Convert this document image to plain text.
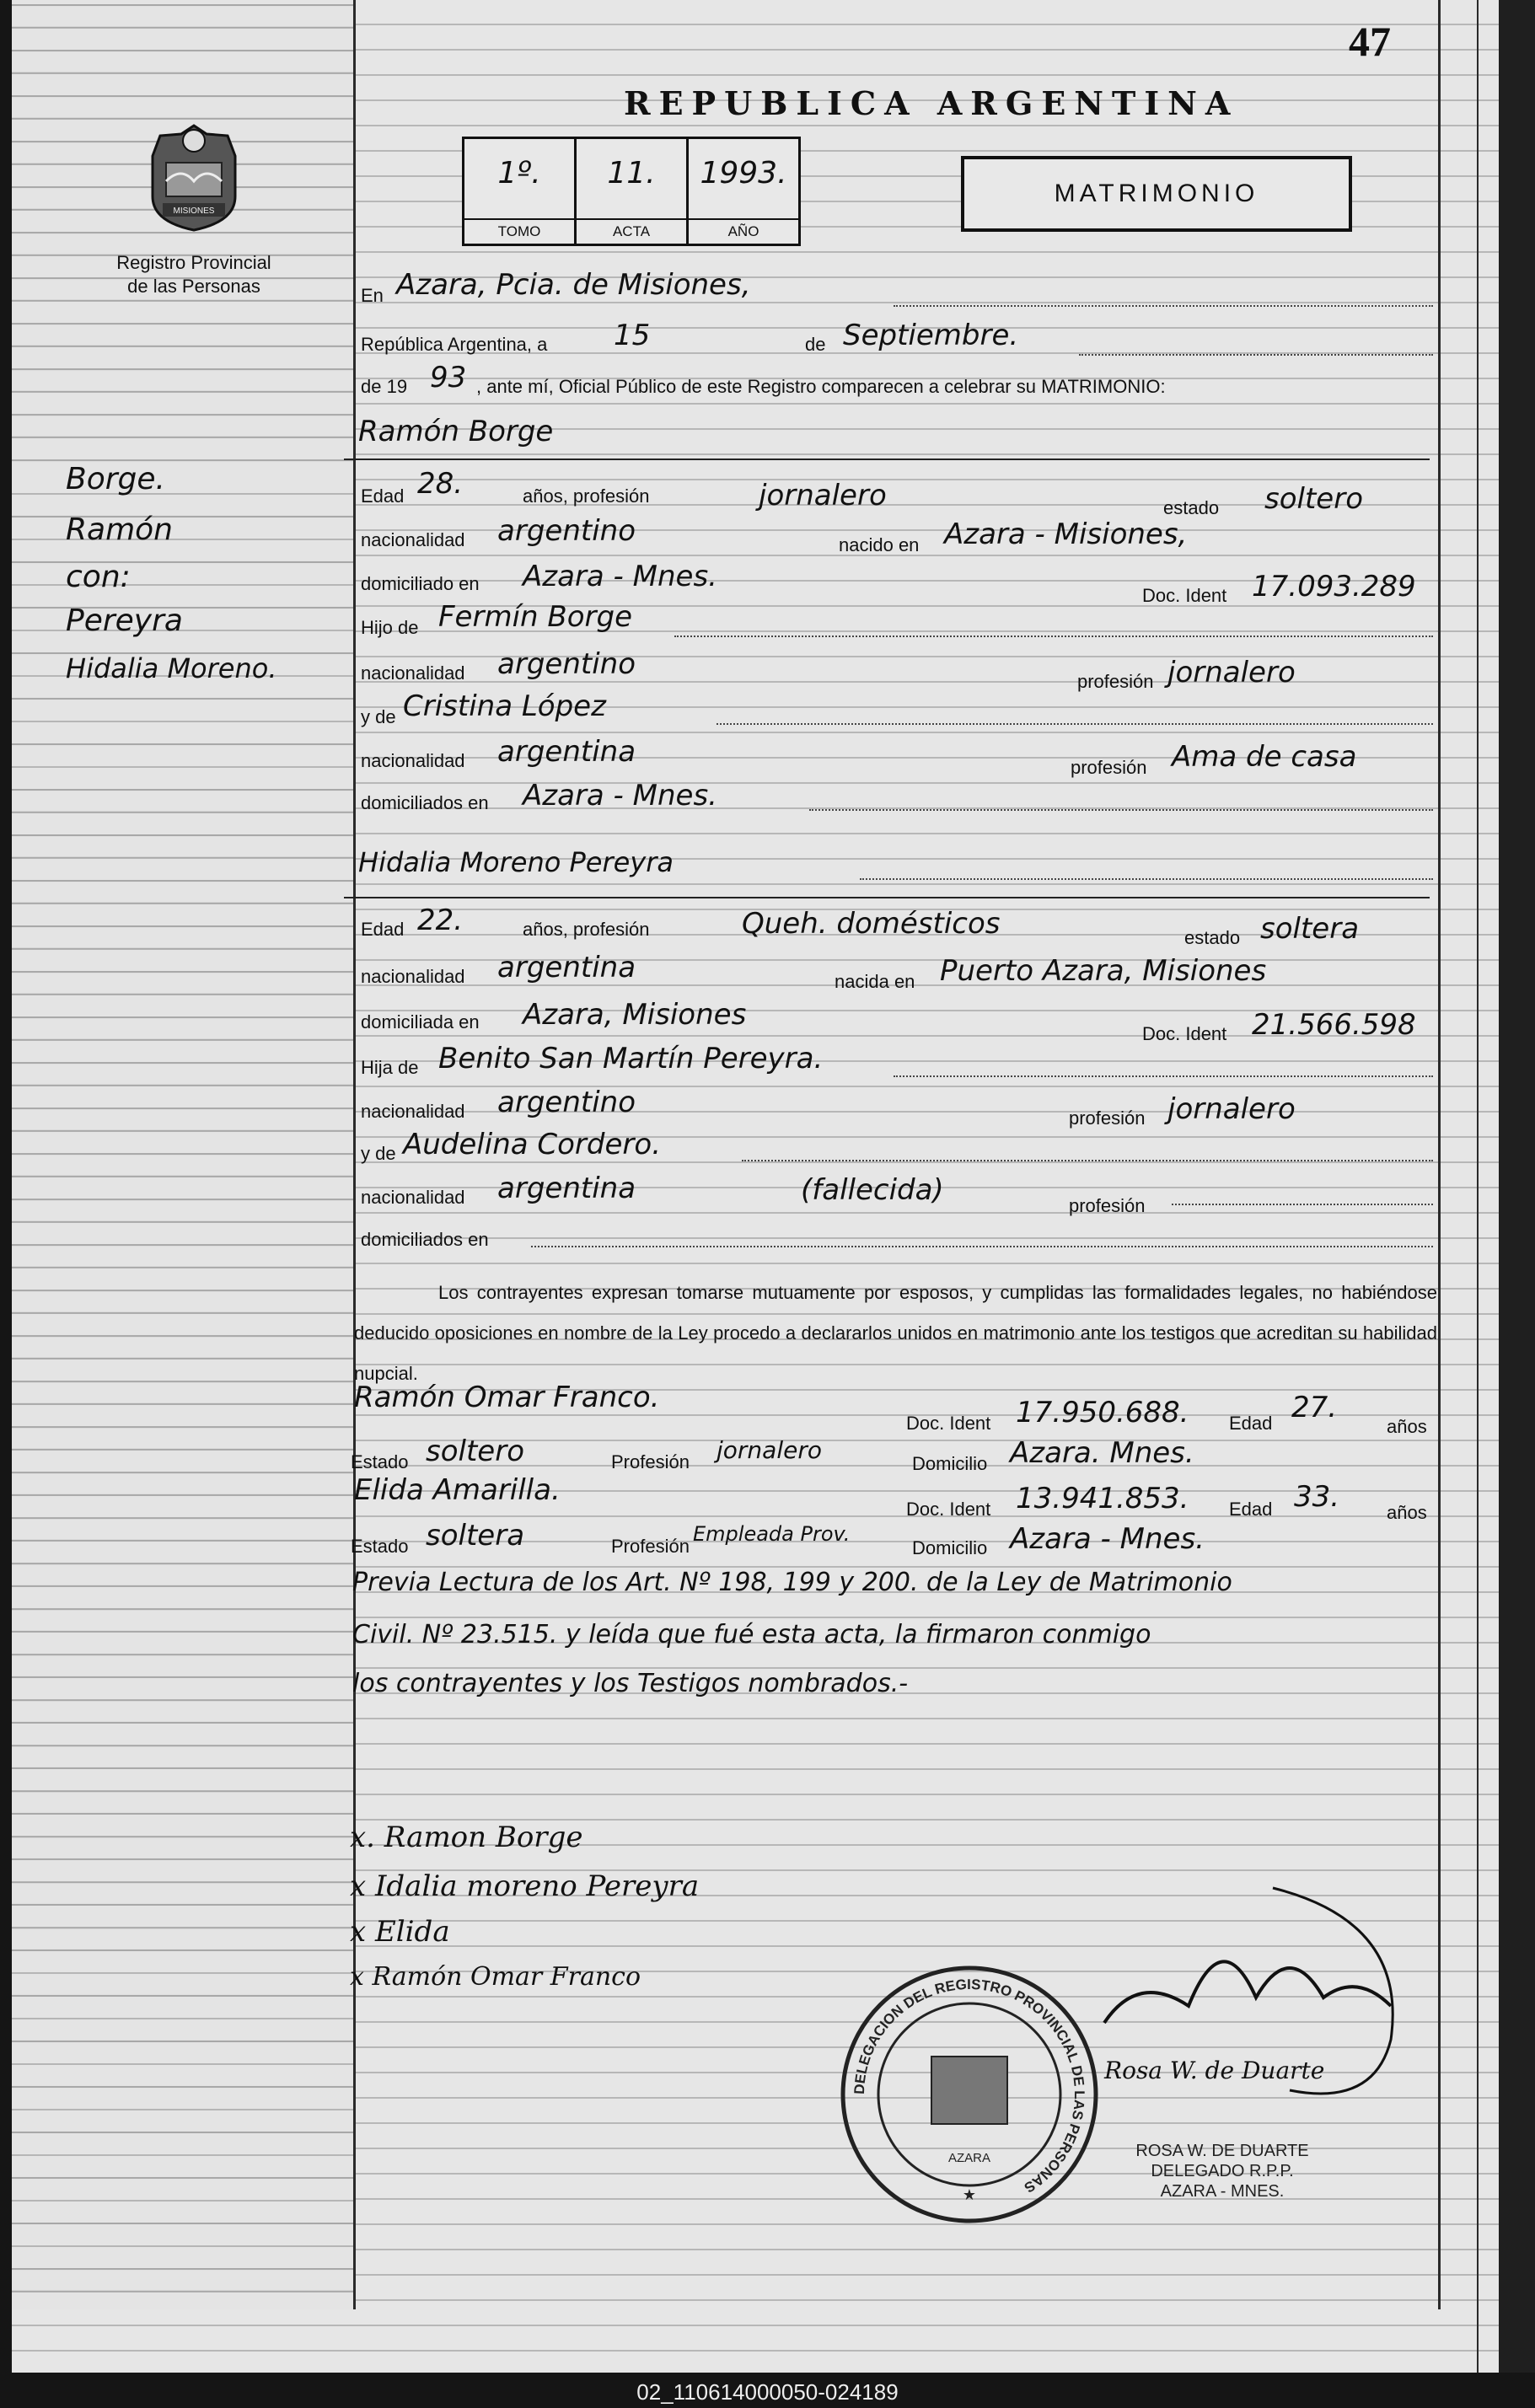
47
REPUBLICA ARGENTINA
MISIONES
Registro Provincial
de las Personas
1º.
TOMO
11.
ACTA
1993.
AÑO
MATRIMONIO
Borge.
Ramón
con:
Pereyra
Hidalia Moreno.
En Azara, Pcia. de Misiones,
República Argentina, a 15	de Septiembre.
de 19 93 , ante mí, Oficial Público de este Registro comparecen a celebrar su MATRIMONIO:
Ramón Borge
Edad 28.	años, profesión	jornalero	estado soltero
nacionalidad argentino	nacido en Azara - Misiones,
domiciliado en Azara - Mnes.
Doc. Ident 17.093.289
Hijo de Fermín Borge
nacionalidad argentino
profesión jornalero
y de Cristina López
nacionalidad argentina	profesión Ama de casa
domiciliados en Azara - Mnes.
Hidalia Moreno Pereyra
Edad 22.	años, profesión	Queh. domésticos	estado soltera
nacionalidad argentina	nacida en Puerto Azara, Misiones
domiciliada en Azara, Misiones
Doc. Ident 21.566.598
Hija de Benito San Martín Pereyra.
nacionalidad argentino	profesión jornalero
y de Audelina Cordero.
nacionalidad argentina	(fallecida)	profesión
domiciliados en
Los contrayentes expresan tomarse mutuamente por esposos, y cumplidas las formalidades legales, no habiéndose deducido oposiciones en nombre de la Ley procedo a declararlos unidos en matrimonio ante los testigos que acreditan su habilidad nupcial.
Ramón Omar Franco.
Doc. Ident 17.950.688. Edad 27.
años
Estado soltero	Profesión jornalero	Domicilio Azara. Mnes.
Elida Amarilla.
Doc. Ident 13.941.853. Edad 33.	años
Estado soltera	Profesión
Empleada Prov.
Domicilio Azara - Mnes.
Previa Lectura de los Art. Nº 198, 199 y 200. de la Ley de Matrimonio
Civil. Nº 23.515. y leída que fué esta acta, la firmaron conmigo
los contrayentes y los Testigos nombrados.-
x. Ramon Borge
x Idalia moreno Pereyra
x Elida
x Ramón Omar Franco
DELEGACION DEL REGISTRO PROVINCIAL DE LAS PERSONAS
AZARA
★
Rosa W. de Duarte
ROSA W. DE DUARTE
DELEGADO R.P.P.
AZARA - MNES.
02_110614000050-024189
